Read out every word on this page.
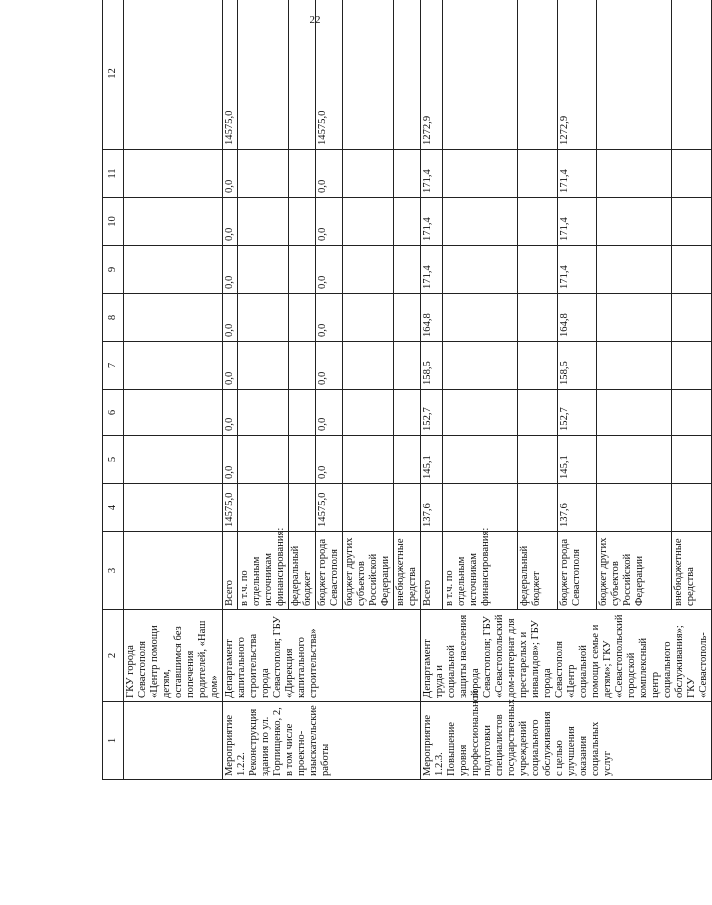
22
1	2	3	4	5	6	7	8	9	10	11	12
	ГКУ города Севастополя «Центр помощи детям, оставшимся без попечения родителей, «Наш дом»										
Мероприятие 1.2.2. Реконструкция здания по ул. Горпищенко, 2, в том числе проектно-изыскательские работы	Департамент капитального строительства города Севастополя; ГБУ «Дирекция капитального строительства»	Всего	14575,0	0,0	0,0	0,0	0,0	0,0	0,0	0,0	14575,0
		в т.ч. по отдельным источникам финансирования:									
		федеральный бюджет									
		бюджет города Севастополя	14575,0	0,0	0,0	0,0	0,0	0,0	0,0	0,0	14575,0
		бюджет других субъектов Российской Федерации									
		внебюджетные средства									
Мероприятие 1.2.3. Повышение уровня профессиональной подготовки специалистов государственных учреждений социального обслуживания с целью улучшения оказания социальных услуг	Департамент труда и социальной защиты населения города Севастополя; ГБУ «Севастопольский дом-интернат для престарелых и инвалидов»; ГБУ города Севастополя «Центр социальной помощи семье и детям»; ГКУ «Севастопольский городской комплексный центр социального обслуживания»; ГКУ «Севастополь-	Всего	137,6	145,1	152,7	158,5	164,8	171,4	171,4	171,4	1272,9
		в т.ч. по отдельным источникам финансирования:									
		федеральный бюджет									
		бюджет города Севастополя	137,6	145,1	152,7	158,5	164,8	171,4	171,4	171,4	1272,9
		бюджет других субъектов Российской Федерации									
		внебюджетные средства									
